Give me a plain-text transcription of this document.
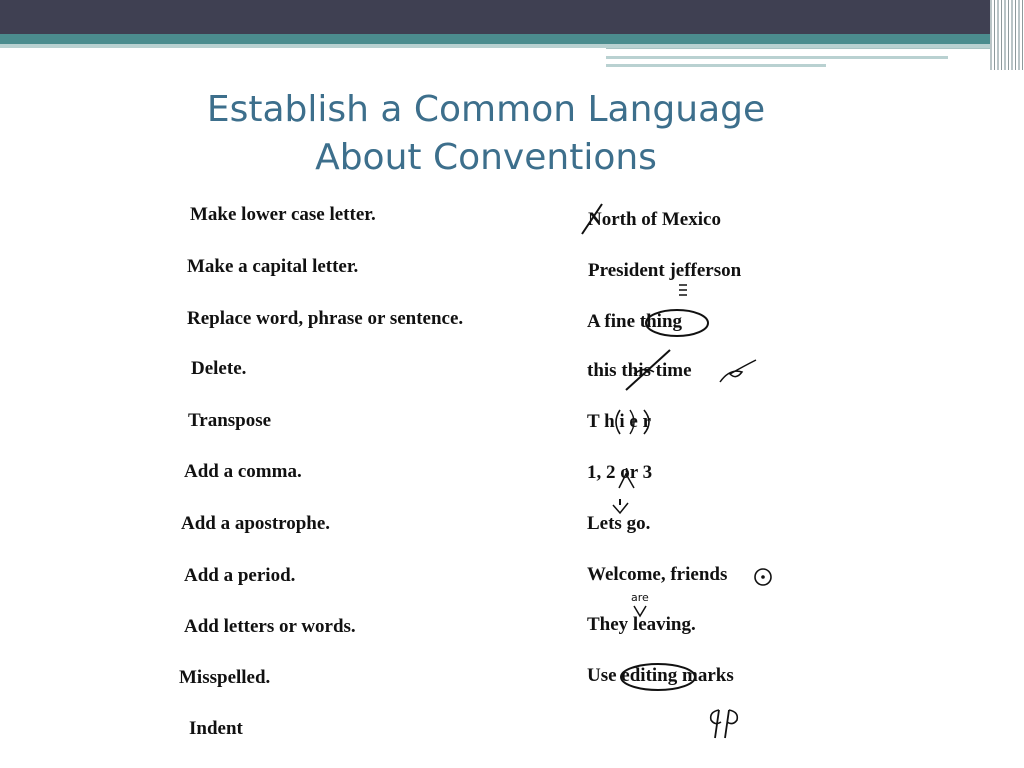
Establish a Common Language
About Conventions
Make lower case letter.
Make a capital letter.
Replace word, phrase or sentence.
Delete.
Transpose
Add a comma.
Add a apostrophe.
Add a period.
Add letters or words.
Misspelled.
Indent
North of Mexico
President jefferson
A fine thing
this this time
T h i e r
1, 2 or 3
Lets go.
Welcome, friends
They leaving.
Use editing marks
are
